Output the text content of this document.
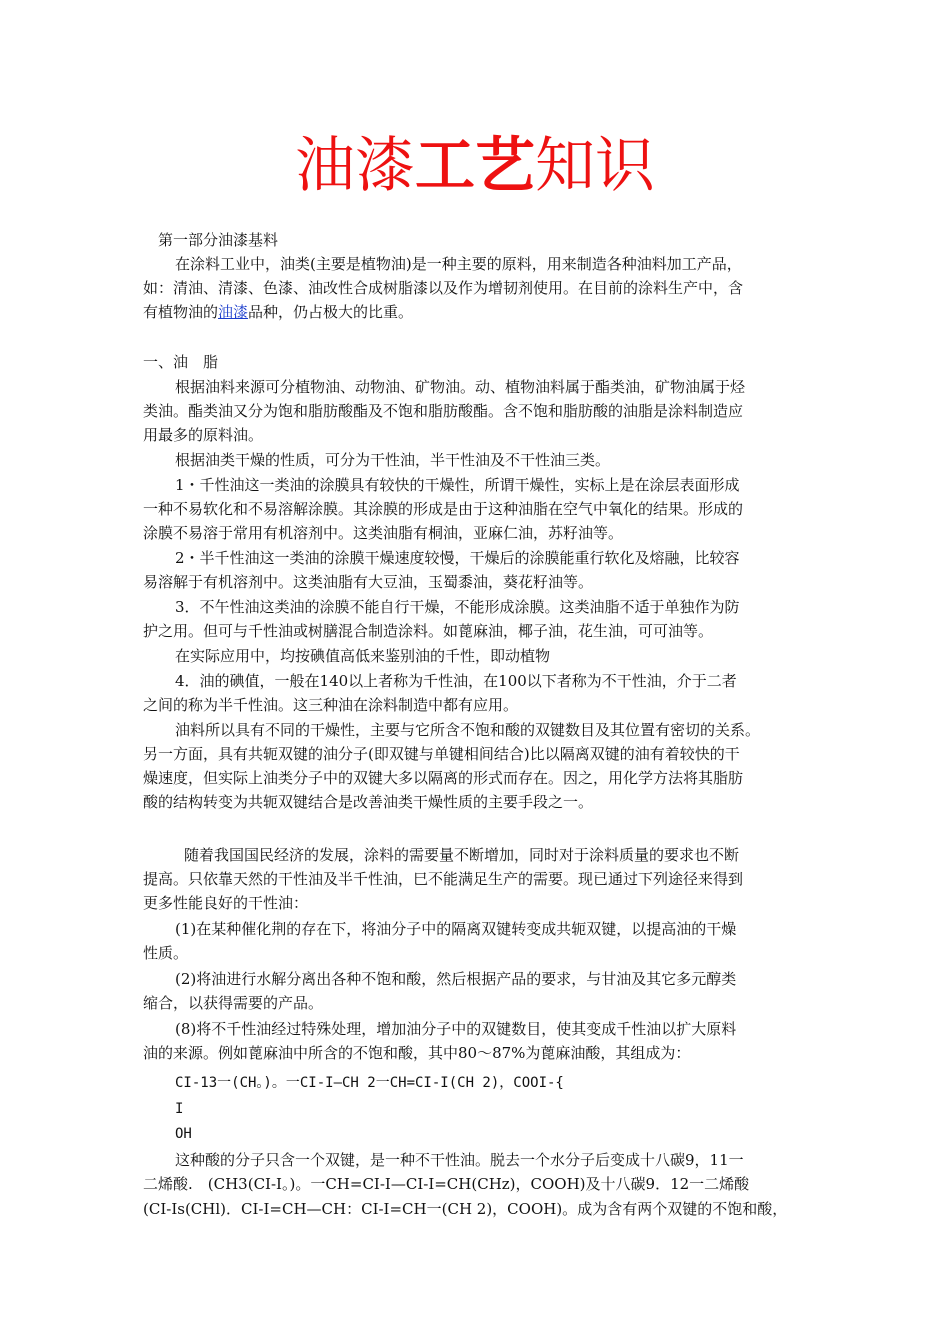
油漆工艺知识
第一部分油漆基料
在涂料工业中，油类(主要是植物油)是一种主要的原料，用来制造各种油料加工产品，
如：清油、清漆、色漆、油改性合成树脂漆以及作为增韧剂使用。在目前的涂料生产中，含
有植物油的油漆品种，仍占极大的比重。
一、油　脂
根据油料来源可分植物油、动物油、矿物油。动、植物油料属于酯类油，矿物油属于烃
类油。酯类油又分为饱和脂肪酸酯及不饱和脂肪酸酯。含不饱和脂肪酸的油脂是涂料制造应
用最多的原料油。
根据油类干燥的性质，可分为干性油，半干性油及不干性油三类。
1・千性油这一类油的涂膜具有较快的干燥性，所谓干燥性，实标上是在涂层表面形成
一种不易软化和不易溶解涂膜。其涂膜的形成是由于这种油脂在空气中氧化的结果。形成的
涂膜不易溶于常用有机溶剂中。这类油脂有桐油，亚麻仁油，苏籽油等。
2・半千性油这一类油的涂膜干燥速度较慢，干燥后的涂膜能重行软化及熔融，比较容
易溶解于有机溶剂中。这类油脂有大豆油，玉蜀黍油，葵花籽油等。
3．不午性油这类油的涂膜不能自行干燥，不能形成涂膜。这类油脂不适于单独作为防
护之用。但可与千性油或树膳混合制造涂料。如蓖麻油，椰子油，花生油，可可油等。
在实际应用中，均按碘值高低来鉴别油的千性，即动植物
4．油的碘值，一般在140以上者称为千性油，在100以下者称为不干性油，介于二者
之间的称为半千性油。这三种油在涂料制造中都有应用。
油料所以具有不同的干燥性，主要与它所含不饱和酸的双键数目及其位置有密切的关系。
另一方面，具有共轭双键的油分子(即双键与单键相间结合)比以隔离双键的油有着较快的干
燥速度，但实际上油类分子中的双键大多以隔离的形式而存在。因之，用化学方法将其脂肪
酸的结构转变为共轭双键结合是改善油类干燥性质的主要手段之一。
随着我国国民经济的发展，涂料的需要量不断增加，同时对于涂料质量的要求也不断
提高。只依靠天然的干性油及半千性油，巳不能满足生产的需要。现已通过下列途径来得到
更多性能良好的干性油：
(1)在某种催化荆的存在下，将油分子中的隔离双键转变成共轭双键，以提高油的干燥
性质。
(2)将油进行水解分离出各种不饱和酸，然后根据产品的要求，与甘油及其它多元醇类
缩合，以获得需要的产品。
(8)将不千性油经过特殊处理，增加油分子中的双键数目，使其变成千性油以扩大原料
油的来源。例如蓖麻油中所含的不饱和酸，其中80～87%为蓖麻油酸，其组成为：
CI-13一(CH。)。一CI-I—CH 2一CH=CI-I(CH 2)，COOI-{
I
OH
这种酸的分子只含一个双键，是一种不干性油。脱去一个水分子后变成十八碳9，11一
二烯酸.　(CH3(CI-I。)。一CH=CI-I—CI-I=CH(CHz)，COOH)及十八碳9．12一二烯酸
(CI-Is(CHl)．CI-I=CH—CH：CI-I=CH一(CH 2)，COOH)。成为含有两个双键的不饱和酸，
